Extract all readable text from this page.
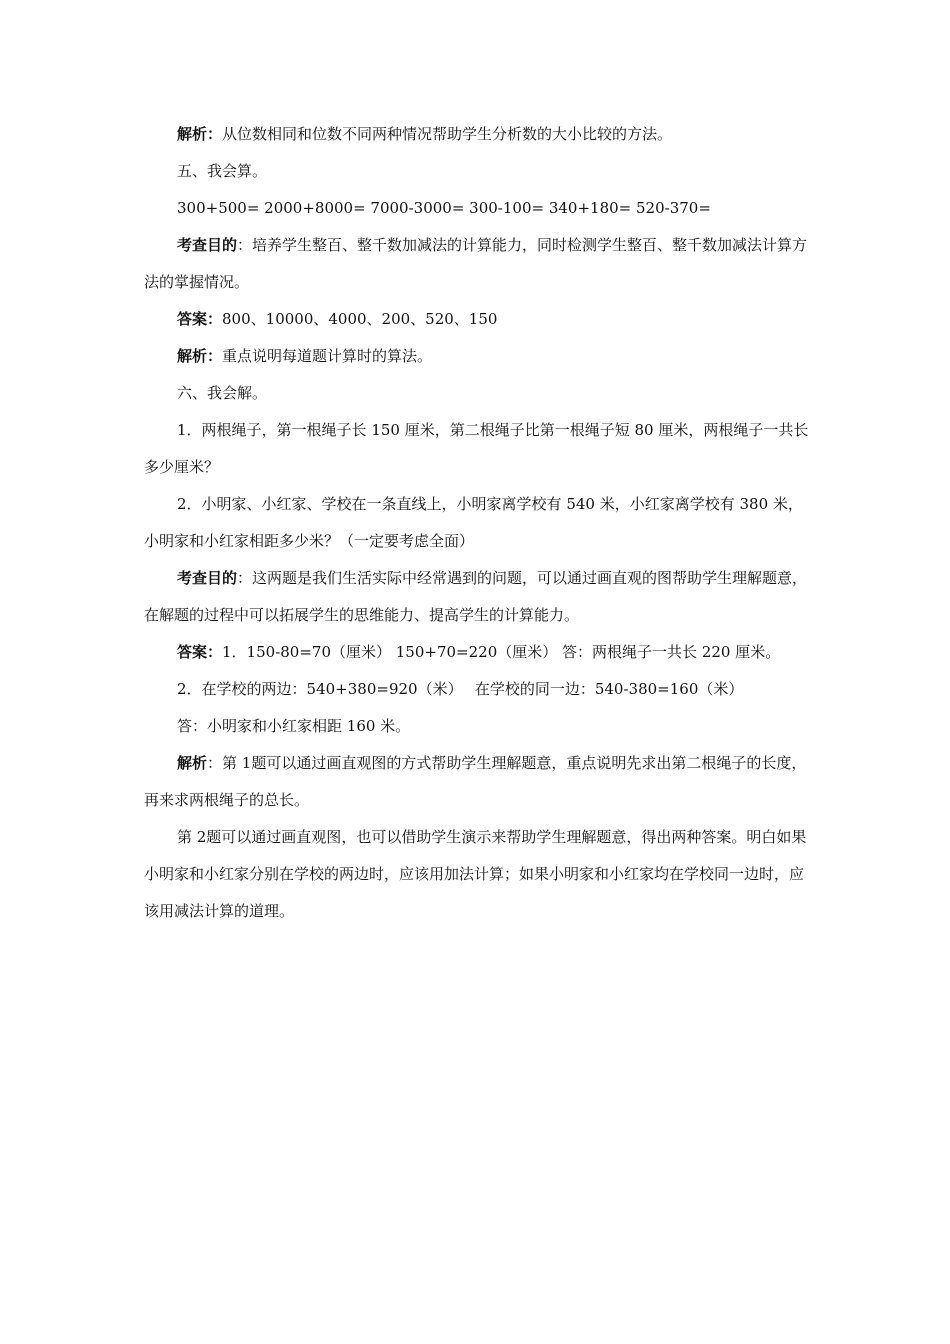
解析：从位数相同和位数不同两种情况帮助学生分析数的大小比较的方法。

五、我会算。

300+500= 2000+8000= 7000-3000= 300-100= 340+180= 520-370=

考查目的：培养学生整百、整千数加减法的计算能力，同时检测学生整百、整千数加减法计算方法的掌握情况。

答案：800、10000、4000、200、520、150

解析：重点说明每道题计算时的算法。

六、我会解。

1．两根绳子，第一根绳子长 150 厘米，第二根绳子比第一根绳子短 80 厘米，两根绳子一共长多少厘米？

2．小明家、小红家、学校在一条直线上，小明家离学校有 540 米，小红家离学校有 380 米，小明家和小红家相距多少米？（一定要考虑全面）

考查目的：这两题是我们生活实际中经常遇到的问题，可以通过画直观的图帮助学生理解题意，在解题的过程中可以拓展学生的思维能力、提高学生的计算能力。

答案：1．150-80=70（厘米） 150+70=220（厘米） 答：两根绳子一共长 220 厘米。

2．在学校的两边：540+380=920（米）　 在学校的同一边：540-380=160（米）

答：小明家和小红家相距 160 米。

解析：第 1题可以通过画直观图的方式帮助学生理解题意，重点说明先求出第二根绳子的长度，再来求两根绳子的总长。

第 2题可以通过画直观图，也可以借助学生演示来帮助学生理解题意，得出两种答案。明白如果小明家和小红家分别在学校的两边时，应该用加法计算；如果小明家和小红家均在学校同一边时，应该用减法计算的道理。
